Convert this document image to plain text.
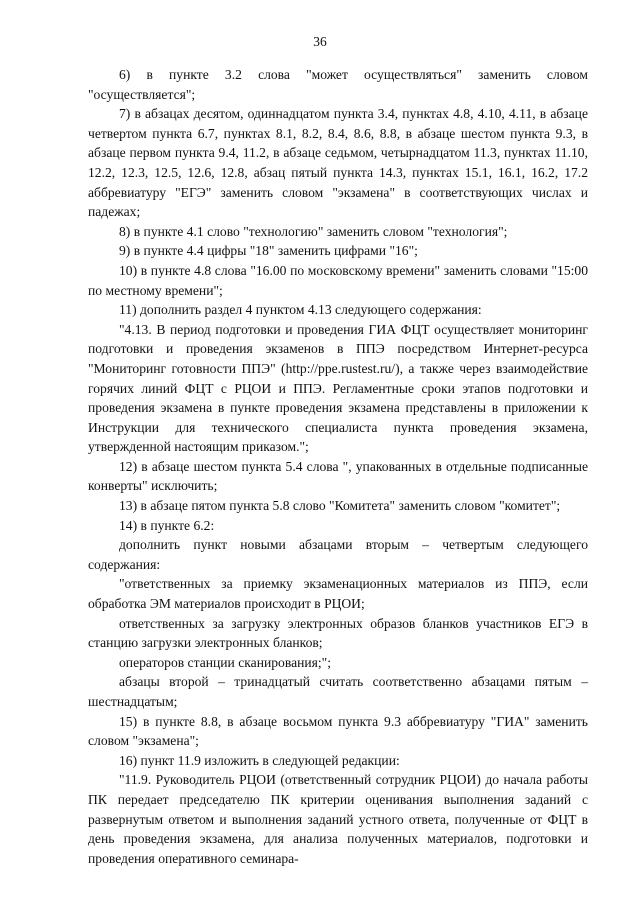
36

6) в пункте 3.2 слова "может осуществляться" заменить словом "осуществляется";

7) в абзацах десятом, одиннадцатом пункта 3.4, пунктах 4.8, 4.10, 4.11, в абзаце четвертом пункта 6.7, пунктах 8.1, 8.2, 8.4, 8.6, 8.8, в абзаце шестом пункта 9.3, в абзаце первом пункта 9.4, 11.2, в абзаце седьмом, четырнадцатом 11.3, пунктах 11.10, 12.2, 12.3, 12.5, 12.6, 12.8, абзац пятый пункта 14.3, пунктах 15.1, 16.1, 16.2, 17.2 аббревиатуру "ЕГЭ" заменить словом "экзамена" в соответствующих числах и падежах;

8) в пункте 4.1 слово "технологию" заменить словом "технология";

9) в пункте 4.4 цифры "18" заменить цифрами "16";

10) в пункте 4.8 слова "16.00 по московскому времени" заменить словами "15:00 по местному времени";

11) дополнить раздел 4 пунктом 4.13 следующего содержания:

"4.13. В период подготовки и проведения ГИА ФЦТ осуществляет мониторинг подготовки и проведения экзаменов в ППЭ посредством Интернет-ресурса "Мониторинг готовности ППЭ" (http://ppe.rustest.ru/), а также через взаимодействие горячих линий ФЦТ с РЦОИ и ППЭ. Регламентные сроки этапов подготовки и проведения экзамена в пункте проведения экзамена представлены в приложении к Инструкции для технического специалиста пункта проведения экзамена, утвержденной настоящим приказом.";

12) в абзаце шестом пункта 5.4 слова ", упакованных в отдельные подписанные конверты" исключить;

13) в абзаце пятом пункта 5.8 слово "Комитета" заменить словом "комитет";

14) в пункте 6.2:

дополнить пункт новыми абзацами вторым – четвертым следующего содержания:

"ответственных за приемку экзаменационных материалов из ППЭ, если обработка ЭМ материалов происходит в РЦОИ;

ответственных за загрузку электронных образов бланков участников ЕГЭ в станцию загрузки электронных бланков;

операторов станции сканирования;";

абзацы второй – тринадцатый считать соответственно абзацами пятым – шестнадцатым;

15) в пункте 8.8, в абзаце восьмом пункта 9.3 аббревиатуру "ГИА" заменить словом "экзамена";

16) пункт 11.9 изложить в следующей редакции:

"11.9. Руководитель РЦОИ (ответственный сотрудник РЦОИ) до начала работы ПК передает председателю ПК критерии оценивания выполнения заданий с развернутым ответом и выполнения заданий устного ответа, полученные от ФЦТ в день проведения экзамена, для анализа полученных материалов, подготовки и проведения оперативного семинара-
